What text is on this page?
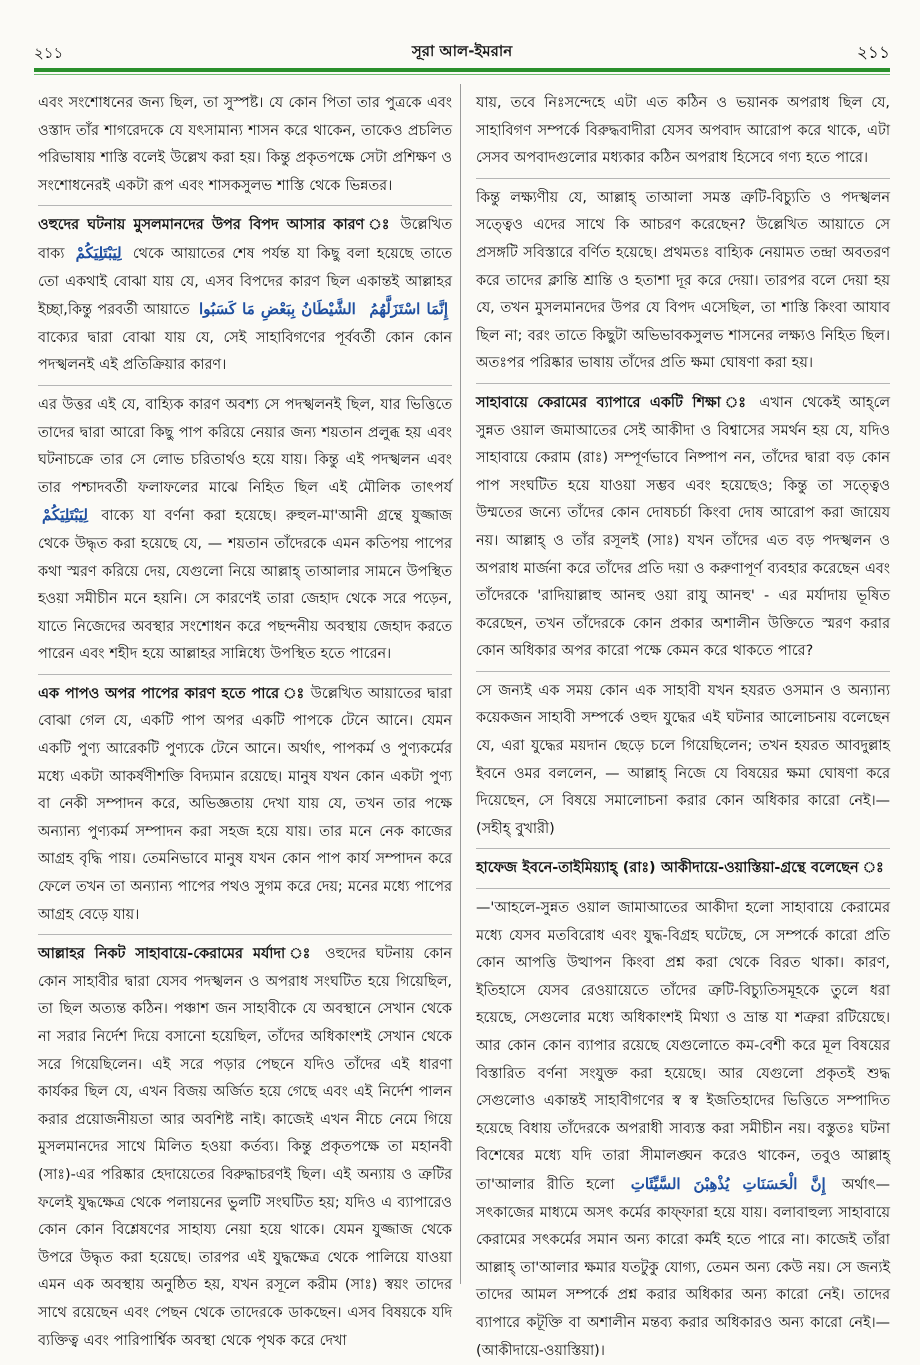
২১১	সূরা আল-ইমরান	২১১

এবং সংশোধনের জন্য ছিল, তা সুস্পষ্ট। যে কোন পিতা তার পুত্রকে এবং ওস্তাদ তাঁর শাগরেদকে যে যৎসামান্য শাসন করে থাকেন, তাকেও প্রচলিত পরিভাষায় শাস্তি বলেই উল্লেখ করা হয়। কিন্তু প্রকৃতপক্ষে সেটা প্রশিক্ষণ ও সংশোধনেরই একটা রূপ এবং শাসকসুলভ শাস্তি থেকে ভিন্নতর।

ওহুদের ঘটনায় মুসলমানদের উপর বিপদ আসার কারণ ঃ উল্লেখিত বাক্য لِيَبْتَلِيَكُمْ থেকে আয়াতের শেষ পর্যন্ত যা কিছু বলা হয়েছে তাতে তো একথাই বোঝা যায় যে, এসব বিপদের কারণ ছিল একান্তই আল্লাহর ইচ্ছা,কিন্তু পরবর্তী আয়াতে	إِنَّمَا اسْتَزَلَّهُمُ الشَّيْطَانُ بِبَعْضِ مَا كَسَبُوا বাক্যের দ্বারা বোঝা যায় যে, সেই সাহাবিগণের পূর্ববর্তী কোন কোন পদস্খলনই এই প্রতিক্রিয়ার কারণ।

এর উত্তর এই যে, বাহ্যিক কারণ অবশ্য সে পদস্খলনই ছিল, যার ভিত্তিতে তাদের দ্বারা আরো কিছু পাপ করিয়ে নেয়ার জন্য শয়তান প্রলুব্ধ হয় এবং ঘটনাচক্রে তার সে লোভ চরিতার্থও হয়ে যায়। কিন্তু এই পদস্খলন এবং তার পশ্চাদবর্তী ফলাফলের মাঝে নিহিত ছিল এই মৌলিক তাৎপর্য لِيَبْتَلِيَكُمْ বাক্যে যা বর্ণনা করা হয়েছে। রুহুল-মা'আনী গ্রন্থে যুজ্জাজ থেকে উদ্ধৃত করা হয়েছে যে, — শয়তান তাঁদেরকে এমন কতিপয় পাপের কথা স্মরণ করিয়ে দেয়, যেগুলো নিয়ে আল্লাহ্‌ তাআলার সামনে উপস্থিত হওয়া সমীচীন মনে হয়নি। সে কারণেই তারা জেহাদ থেকে সরে পড়েন, যাতে নিজেদের অবস্থার সংশোধন করে পছন্দনীয় অবস্থায় জেহাদ করতে পারেন এবং শহীদ হয়ে আল্লাহর সান্নিধ্যে উপস্থিত হতে পারেন।

এক পাপও অপর পাপের কারণ হতে পারে ঃ উল্লেখিত আয়াতের দ্বারা বোঝা গেল যে, একটি পাপ অপর একটি পাপকে টেনে আনে। যেমন একটি পুণ্য আরেকটি পুণ্যকে টেনে আনে। অর্থাৎ, পাপকর্ম ও পুণ্যকর্মের মধ্যে একটা আকর্ষণীশক্তি বিদ্যমান রয়েছে। মানুষ যখন কোন একটা পুণ্য বা নেকী সম্পাদন করে, অভিজ্ঞতায় দেখা যায় যে, তখন তার পক্ষে অন্যান্য পুণ্যকর্ম সম্পাদন করা সহজ হয়ে যায়। তার মনে নেক কাজের আগ্রহ বৃদ্ধি পায়। তেমনিভাবে মানুষ যখন কোন পাপ কার্য সম্পাদন করে ফেলে তখন তা অন্যান্য পাপের পথও সুগম করে দেয়; মনের মধ্যে পাপের আগ্রহ বেড়ে যায়।

আল্লাহর নিকট সাহাবায়ে-কেরামের মর্যাদা ঃ ওহুদের ঘটনায় কোন কোন সাহাবীর দ্বারা যেসব পদস্খলন ও অপরাধ সংঘটিত হয়ে গিয়েছিল, তা ছিল অত্যন্ত কঠিন। পঞ্চাশ জন সাহাবীকে যে অবস্থানে সেখান থেকে না সরার নির্দেশ দিয়ে বসানো হয়েছিল, তাঁদের অধিকাংশই সেখান থেকে সরে গিয়েছিলেন। এই সরে পড়ার পেছনে যদিও তাঁদের এই ধারণা কার্যকর ছিল যে, এখন বিজয় অর্জিত হয়ে গেছে এবং এই নির্দেশ পালন করার প্রয়োজনীয়তা আর অবশিষ্ট নাই। কাজেই এখন নীচে নেমে গিয়ে মুসলমানদের সাথে মিলিত হওয়া কর্তব্য। কিন্তু প্রকৃতপক্ষে তা মহানবী (সাঃ)-এর পরিষ্কার হেদায়েতের বিরুদ্ধাচরণই ছিল। এই অন্যায় ও ত্রুটির ফলেই যুদ্ধক্ষেত্র থেকে পলায়নের ভুলটি সংঘটিত হয়; যদিও এ ব্যাপারেও কোন কোন বিশ্লেষণের সাহায্য নেয়া হয়ে থাকে। যেমন যুজ্জাজ থেকে উপরে উদ্ধৃত করা হয়েছে। তারপর এই যুদ্ধক্ষেত্র থেকে পালিয়ে যাওয়া এমন এক অবস্থায় অনুষ্ঠিত হয়, যখন রসূলে করীম (সাঃ) স্বয়ং তাদের সাথে রয়েছেন এবং পেছন থেকে তাদেরকে ডাকছেন। এসব বিষয়কে যদি ব্যক্তিত্ব এবং পারিপার্শ্বিক অবস্থা থেকে পৃথক করে দেখা

যায়, তবে নিঃসন্দেহে এটা এত কঠিন ও ভয়ানক অপরাধ ছিল যে, সাহাবিগণ সম্পর্কে বিরুদ্ধবাদীরা যেসব অপবাদ আরোপ করে থাকে, এটা সেসব অপবাদগুলোর মধ্যকার কঠিন অপরাধ হিসেবে গণ্য হতে পারে।

কিন্তু লক্ষ্যণীয় যে, আল্লাহ্‌ তাআলা সমস্ত ত্রুটি-বিচ্যুতি ও পদস্খলন সত্ত্বেও এদের সাথে কি আচরণ করেছেন? উল্লেখিত আয়াতে সে প্রসঙ্গটি সবিস্তারে বর্ণিত হয়েছে। প্রথমতঃ বাহ্যিক নেয়ামত তন্দ্রা অবতরণ করে তাদের ক্লান্তি শ্রান্তি ও হতাশা দূর করে দেয়া। তারপর বলে দেয়া হয় যে, তখন মুসলমানদের উপর যে বিপদ এসেছিল, তা শাস্তি কিংবা আযাব ছিল না; বরং তাতে কিছুটা অভিভাবকসুলভ শাসনের লক্ষ্যও নিহিত ছিল। অতঃপর পরিষ্কার ভাষায় তাঁদের প্রতি ক্ষমা ঘোষণা করা হয়।

সাহাবায়ে কেরামের ব্যাপারে একটি শিক্ষা ঃ এখান থেকেই আহ্‌লে সুন্নত ওয়াল জমাআতের সেই আকীদা ও বিশ্বাসের সমর্থন হয় যে, যদিও সাহাবায়ে কেরাম (রাঃ) সম্পূর্ণভাবে নিষ্পাপ নন, তাঁদের দ্বারা বড় কোন পাপ সংঘটিত হয়ে যাওয়া সম্ভব এবং হয়েছেও; কিন্তু তা সত্ত্বেও উম্মতের জন্যে তাঁদের কোন দোষচর্চা কিংবা দোষ আরোপ করা জায়েয নয়। আল্লাহ্‌ ও তাঁর রসূলই (সাঃ) যখন তাঁদের এত বড় পদস্খলন ও অপরাধ মার্জনা করে তাঁদের প্রতি দয়া ও করুণাপূর্ণ ব্যবহার করেছেন এবং তাঁদেরকে 'রাদিয়াল্লাহু আনহু ওয়া রাযু আনহু' - এর মর্যাদায় ভূষিত করেছেন, তখন তাঁদেরকে কোন প্রকার অশালীন উক্তিতে স্মরণ করার কোন অধিকার অপর কারো পক্ষে কেমন করে থাকতে পারে?

সে জন্যই এক সময় কোন এক সাহাবী যখন হযরত ওসমান ও অন্যান্য কয়েকজন সাহাবী সম্পর্কে ওহুদ যুদ্ধের এই ঘটনার আলোচনায় বলেছেন যে, এরা যুদ্ধের ময়দান ছেড়ে চলে গিয়েছিলেন; তখন হযরত আবদুল্লাহ ইবনে ওমর বললেন, — আল্লাহ্‌ নিজে যে বিষয়ের ক্ষমা ঘোষণা করে দিয়েছেন, সে বিষয়ে সমালোচনা করার কোন অধিকার কারো নেই।— (সহীহ্ বুখারী)

হাফেজ ইবনে-তাইমিয়্যাহ্ (রাঃ) আকীদায়ে-ওয়াস্তিয়া-গ্রন্থে বলেছেন ঃ

—'আহলে-সুন্নত ওয়াল জামাআতের আকীদা হলো সাহাবায়ে কেরামের মধ্যে যেসব মতবিরোধ এবং যুদ্ধ-বিগ্রহ ঘটেছে, সে সম্পর্কে কারো প্রতি কোন আপত্তি উত্থাপন কিংবা প্রশ্ন করা থেকে বিরত থাকা। কারণ, ইতিহাসে যেসব রেওয়ায়েতে তাঁদের ত্রুটি-বিচ্যুতিসমূহকে তুলে ধরা হয়েছে, সেগুলোর মধ্যে অধিকাংশই মিথ্যা ও ভ্রান্ত যা শত্রুরা রটিয়েছে। আর কোন কোন ব্যাপার রয়েছে যেগুলোতে কম-বেশী করে মূল বিষয়ের বিস্তারিত বর্ণনা সংযুক্ত করা হয়েছে। আর যেগুলো প্রকৃতই শুদ্ধ সেগুলোও একান্তই সাহাবীগণের স্ব স্ব ইজতিহাদের ভিত্তিতে সম্পাদিত হয়েছে বিধায় তাঁদেরকে অপরাধী সাব্যস্ত করা সমীচীন নয়। বস্তুতঃ ঘটনা বিশেষের মধ্যে যদি তারা সীমালঙ্ঘন করেও থাকেন, তবুও আল্লাহ্‌ তা'আলার রীতি হলো إِنَّ الْحَسَنَاتِ يُذْهِبْنَ السَّيِّئَاتِ অর্থাৎ—সৎকাজের মাধ্যমে অসৎ কর্মের কাফ্‌ফারা হয়ে যায়। বলাবাহুল্য সাহাবায়ে কেরামের সৎকর্মের সমান অন্য কারো কর্মই হতে পারে না। কাজেই তাঁরা আল্লাহ্‌ তা'আলার ক্ষমার যতটুকু যোগ্য, তেমন অন্য কেউ নয়। সে জন্যই তাদের আমল সম্পর্কে প্রশ্ন করার অধিকার অন্য কারো নেই। তাদের ব্যাপারে কটূক্তি বা অশালীন মন্তব্য করার অধিকারও অন্য কারো নেই।—(আকীদায়ে-ওয়াস্তিয়া)।
